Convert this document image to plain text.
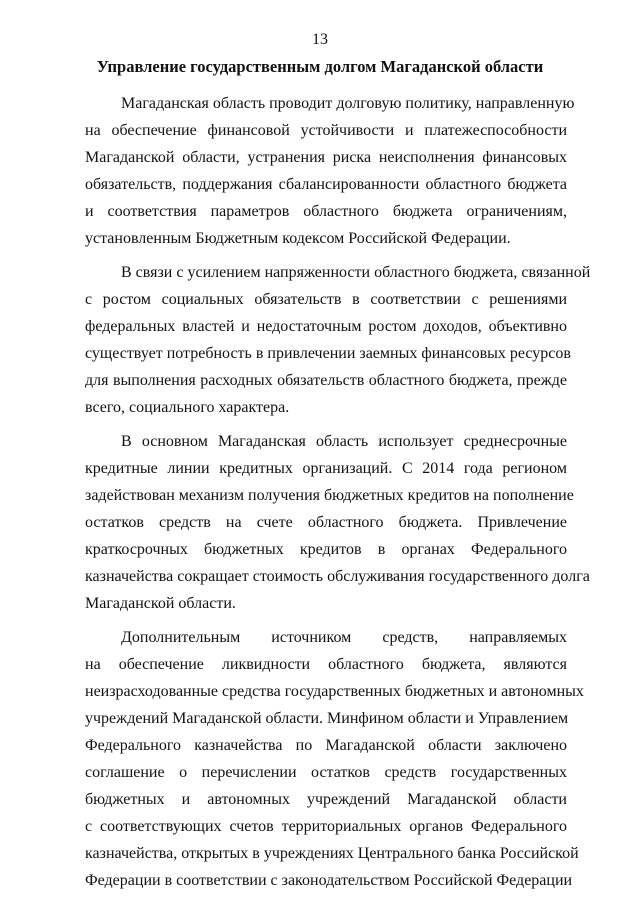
13
Управление государственным долгом Магаданской области

Магаданская область проводит долговую политику, направленную
на обеспечение финансовой устойчивости и платежеспособности
Магаданской области, устранения риска неисполнения финансовых
обязательств, поддержания сбалансированности областного бюджета
и соответствия параметров областного бюджета ограничениям,
установленным Бюджетным кодексом Российской Федерации.

В связи с усилением напряженности областного бюджета, связанной
с ростом социальных обязательств в соответствии с решениями
федеральных властей и недостаточным ростом доходов, объективно
существует потребность в привлечении заемных финансовых ресурсов
для выполнения расходных обязательств областного бюджета, прежде
всего, социального характера.

В основном Магаданская область использует среднесрочные
кредитные линии кредитных организаций. С 2014 года регионом
задействован механизм получения бюджетных кредитов на пополнение
остатков средств на счете областного бюджета. Привлечение
краткосрочных бюджетных кредитов в органах Федерального
казначейства сокращает стоимость обслуживания государственного долга
Магаданской области.

Дополнительным источником средств, направляемых
на обеспечение ликвидности областного бюджета, являются
неизрасходованные средства государственных бюджетных и автономных
учреждений Магаданской области. Минфином области и Управлением
Федерального казначейства по Магаданской области заключено
соглашение о перечислении остатков средств государственных
бюджетных и автономных учреждений Магаданской области
с соответствующих счетов территориальных органов Федерального
казначейства, открытых в учреждениях Центрального банка Российской
Федерации в соответствии с законодательством Российской Федерации
